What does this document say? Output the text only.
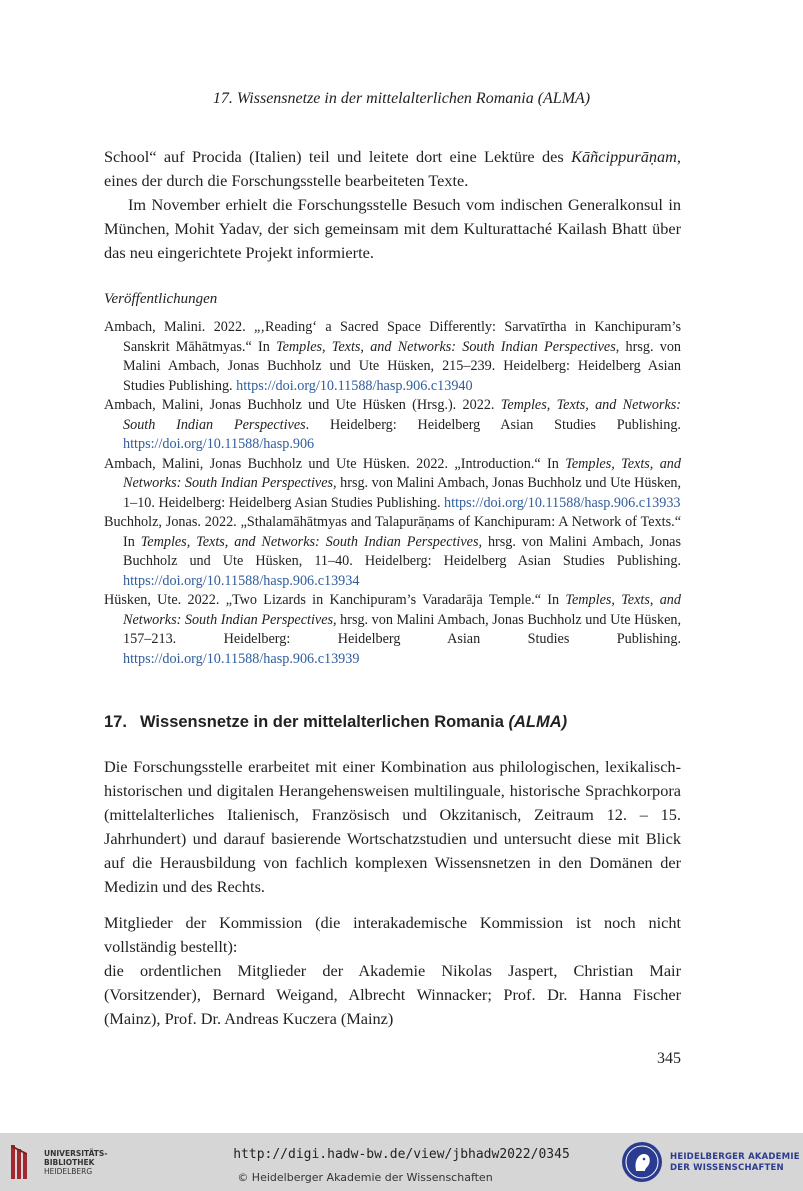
17. Wissensnetze in der mittelalterlichen Romania (ALMA)

School“ auf Procida (Italien) teil und leitete dort eine Lektüre des Kāñcippurāṇam, eines der durch die Forschungsstelle bearbeiteten Texte.

Im November erhielt die Forschungsstelle Besuch vom indischen Generalkonsul in München, Mohit Yadav, der sich gemeinsam mit dem Kulturattaché Kailash Bhatt über das neu eingerichtete Projekt informierte.

Veröffentlichungen

Ambach, Malini. 2022. „‚Reading‘ a Sacred Space Differently: Sarvatīrtha in Kanchipuram’s Sanskrit Māhātmyas.“ In Temples, Texts, and Networks: South Indian Perspectives, hrsg. von Malini Ambach, Jonas Buchholz und Ute Hüsken, 215–239. Heidelberg: Heidelberg Asian Studies Publishing. https://doi.org/10.11588/hasp.906.c13940

Ambach, Malini, Jonas Buchholz und Ute Hüsken (Hrsg.). 2022. Temples, Texts, and Networks: South Indian Perspectives. Heidelberg: Heidelberg Asian Studies Publishing. https://doi.org/10.11588/hasp.906

Ambach, Malini, Jonas Buchholz und Ute Hüsken. 2022. „Introduction.“ In Temples, Texts, and Networks: South Indian Perspectives, hrsg. von Malini Ambach, Jonas Buchholz und Ute Hüsken, 1–10. Heidelberg: Heidelberg Asian Studies Publishing. https://doi.org/10.11588/hasp.906.c13933

Buchholz, Jonas. 2022. „Sthalamāhātmyas and Talapurāṇams of Kanchipuram: A Network of Texts.“ In Temples, Texts, and Networks: South Indian Perspectives, hrsg. von Malini Ambach, Jonas Buchholz und Ute Hüsken, 11–40. Heidelberg: Heidelberg Asian Studies Publishing. https://doi.org/10.11588/hasp.906.c13934

Hüsken, Ute. 2022. „Two Lizards in Kanchipuram’s Varadarāja Temple.“ In Temples, Texts, and Networks: South Indian Perspectives, hrsg. von Malini Ambach, Jonas Buchholz und Ute Hüsken, 157–213. Heidelberg: Heidelberg Asian Studies Publishing. https://doi.org/10.11588/hasp.906.c13939

17. Wissensnetze in der mittelalterlichen Romania (ALMA)

Die Forschungsstelle erarbeitet mit einer Kombination aus philologischen, lexikalisch-historischen und digitalen Herangehensweisen multilinguale, historische Sprachkorpora (mittelalterliches Italienisch, Französisch und Okzitanisch, Zeitraum 12. – 15. Jahrhundert) und darauf basierende Wortschatzstudien und untersucht diese mit Blick auf die Herausbildung von fachlich komplexen Wissensnetzen in den Domänen der Medizin und des Rechts.

Mitglieder der Kommission (die interakademische Kommission ist noch nicht vollständig bestellt):

die ordentlichen Mitglieder der Akademie Nikolas Jaspert, Christian Mair (Vorsitzender), Bernard Weigand, Albrecht Winnacker; Prof. Dr. Hanna Fischer (Mainz), Prof. Dr. Andreas Kuczera (Mainz)

345
UNIVERSITÄTS-
BIBLIOTHEK
HEIDELBERG
http://digi.hadw-bw.de/view/jbhadw2022/0345
© Heidelberger Akademie der Wissenschaften
HEIDELBERGER AKADEMIE
DER WISSENSCHAFTEN
